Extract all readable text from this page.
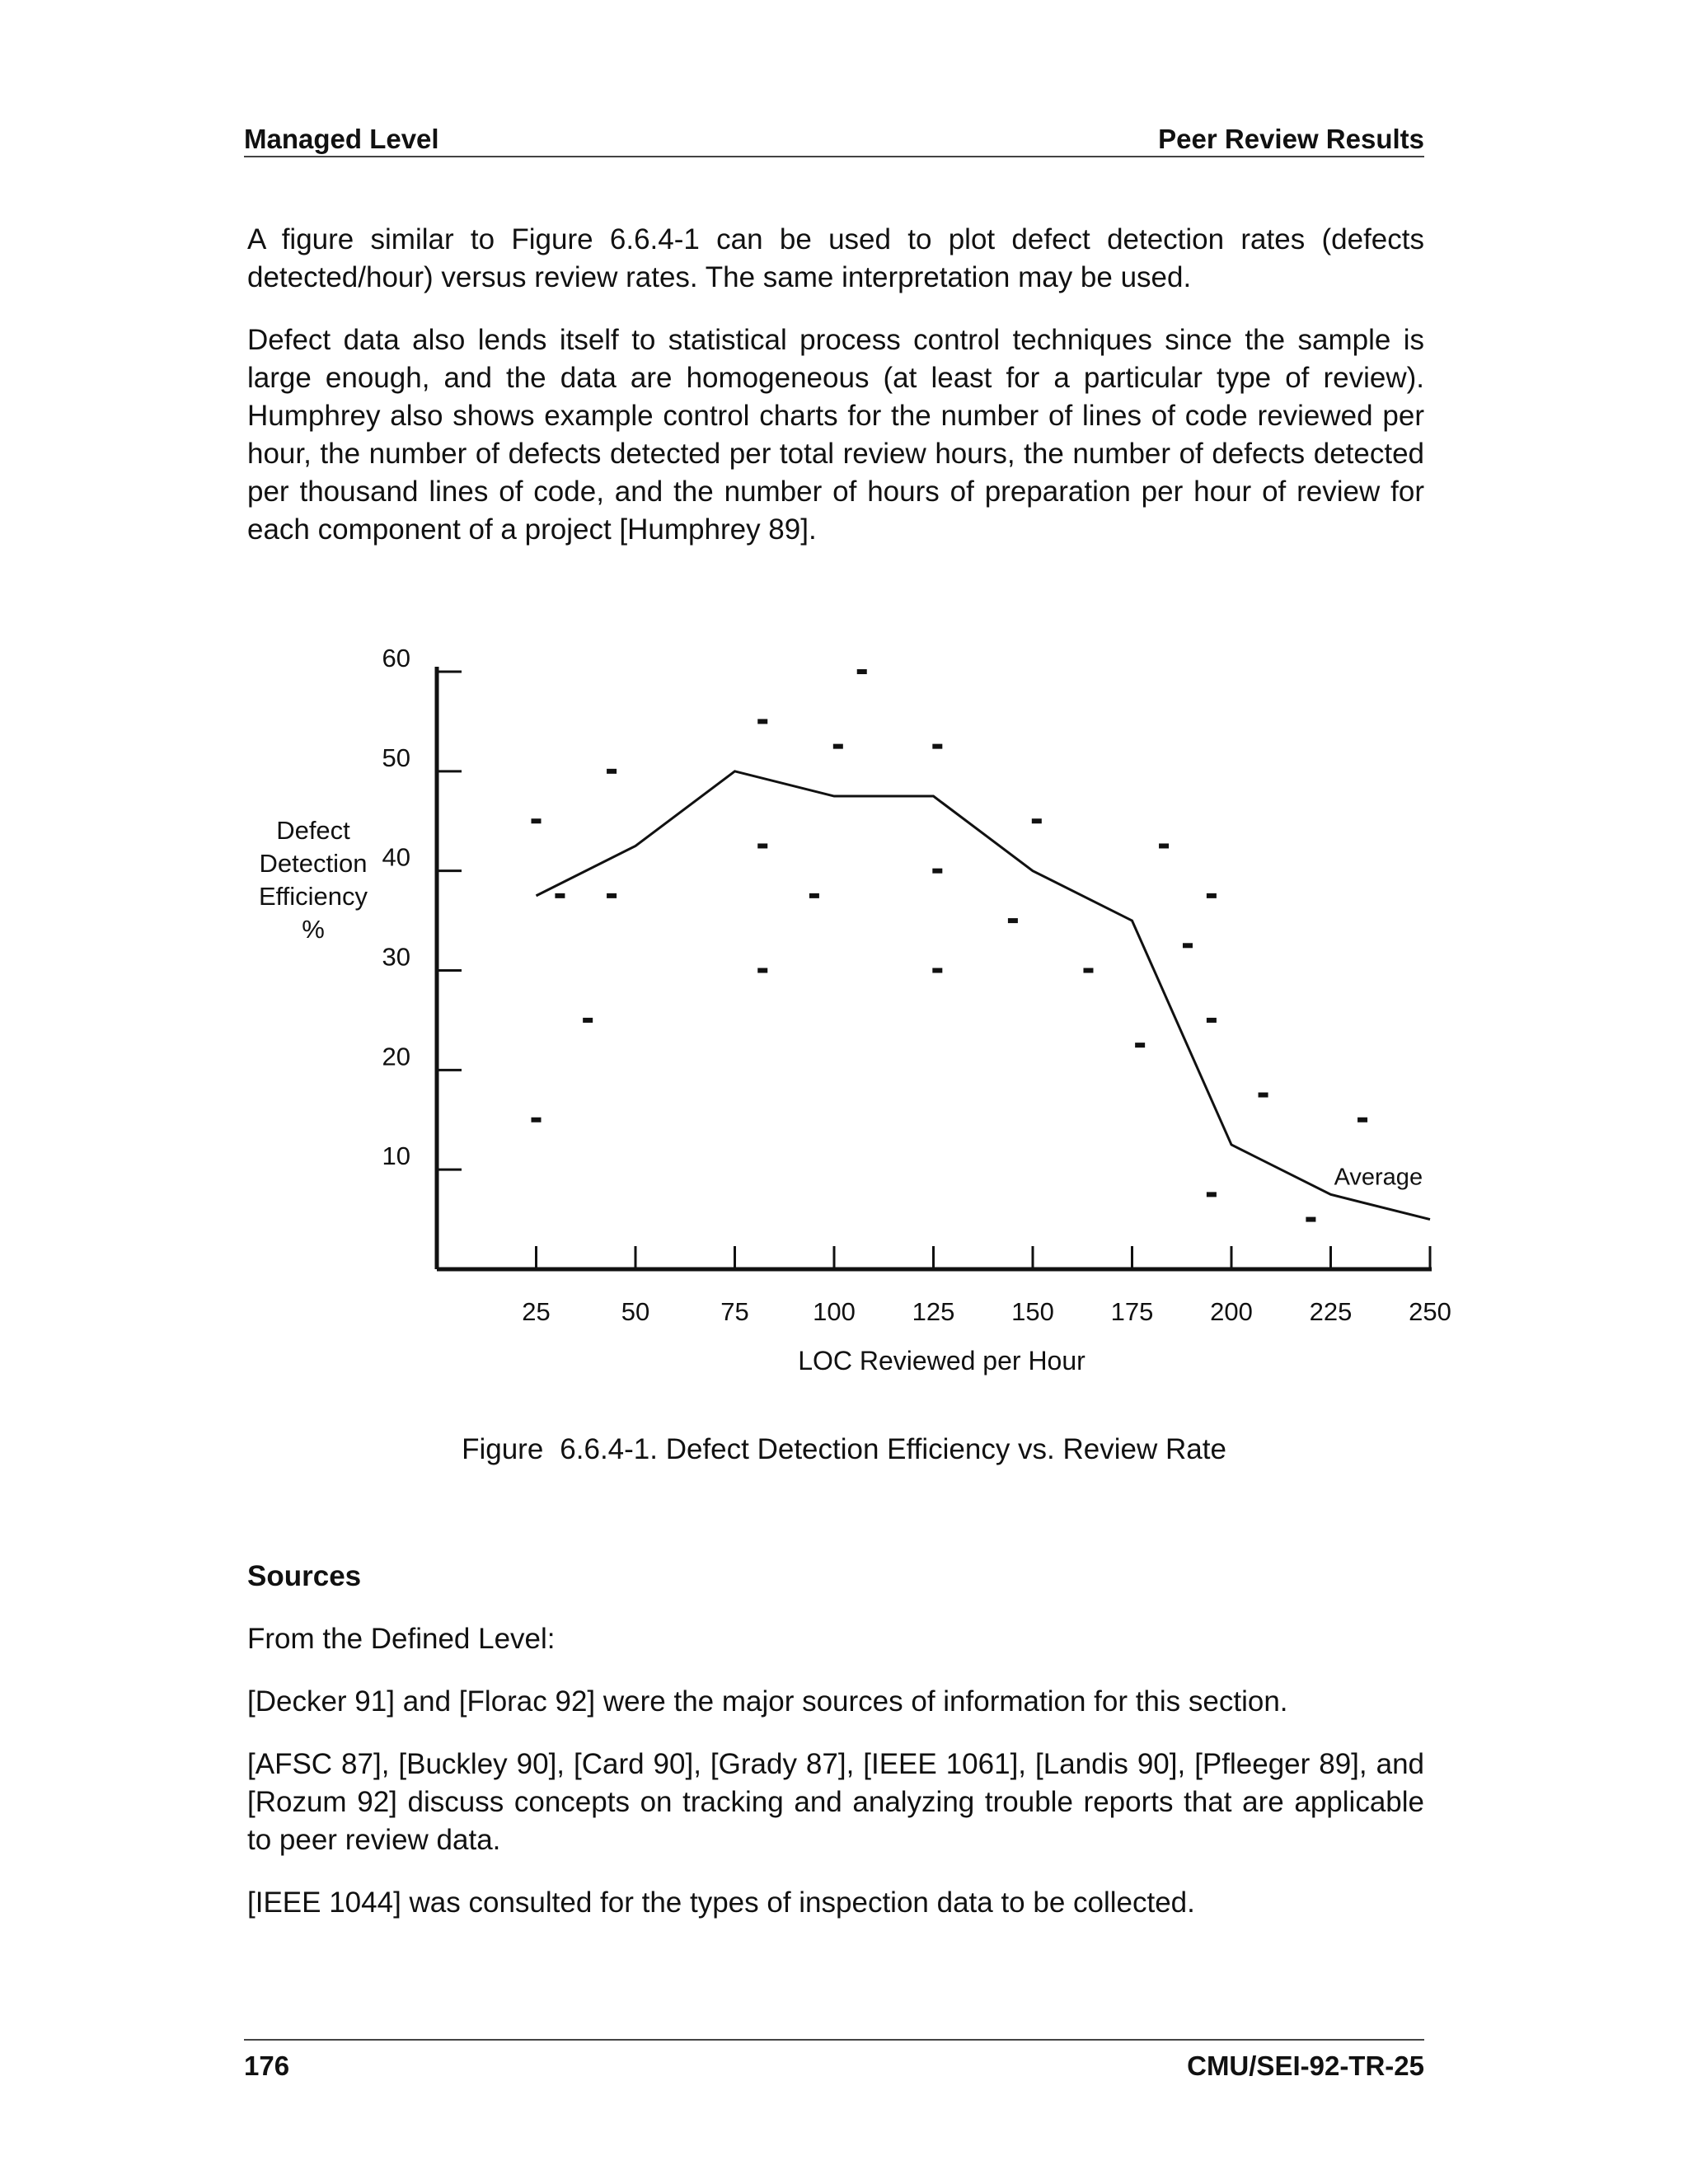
Managed Level	Peer Review Results

A figure similar to Figure 6.6.4-1 can be used to plot defect detection rates (defects detected/hour) versus review rates. The same interpretation may be used.

Defect data also lends itself to statistical process control techniques since the sample is large enough, and the data are homogeneous (at least for a particular type of review). Humphrey also shows example control charts for the number of lines of code reviewed per hour, the number of defects detected per total review hours, the number of defects detected per thousand lines of code, and the number of hours of preparation per hour of review for each component of a project [Humphrey 89].

10
20
30
40
50
60
25	50	75 100 125 150 175 200 225 250
LOC Reviewed per Hour
Defect
Detection
Efficiency
%
Average
Figure 6.6.4-1. Defect Detection Efficiency vs. Review Rate

Sources

From the Defined Level:

[Decker 91] and [Florac 92] were the major sources of information for this section.

[AFSC 87], [Buckley 90], [Card 90], [Grady 87], [IEEE 1061], [Landis 90], [Pfleeger 89], and [Rozum 92] discuss concepts on tracking and analyzing trouble reports that are applicable to peer review data.

[IEEE 1044] was consulted for the types of inspection data to be collected.

176	CMU/SEI-92-TR-25
